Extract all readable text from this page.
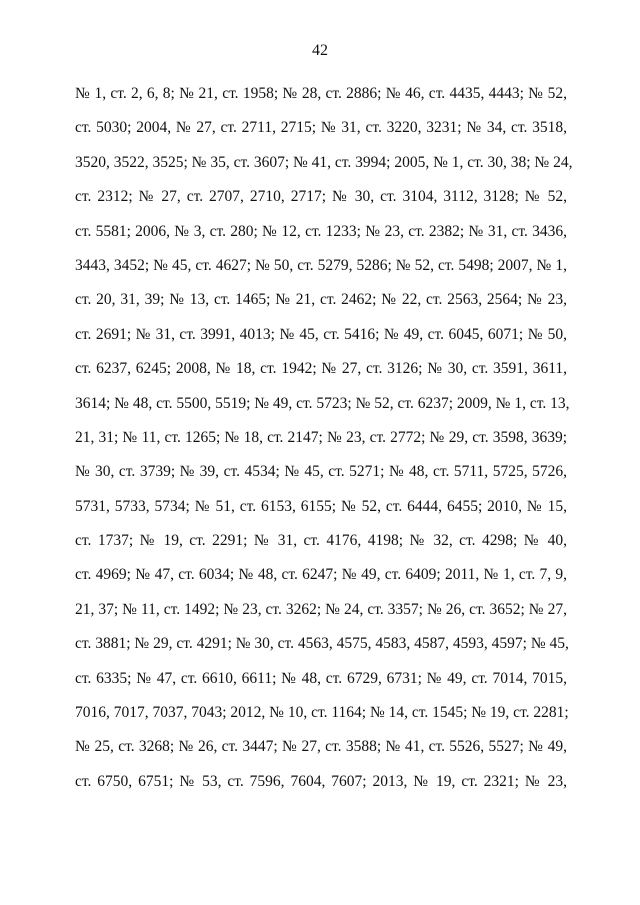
42
№ 1, ст. 2, 6, 8; № 21, ст. 1958; № 28, ст. 2886; № 46, ст. 4435, 4443; № 52,
ст. 5030; 2004, № 27, ст. 2711, 2715; № 31, ст. 3220, 3231; № 34, ст. 3518,
3520, 3522, 3525; № 35, ст. 3607; № 41, ст. 3994; 2005, № 1, ст. 30, 38; № 24,
ст. 2312; № 27, ст. 2707, 2710, 2717; № 30, ст. 3104, 3112, 3128; № 52,
ст. 5581; 2006, № 3, ст. 280; № 12, ст. 1233; № 23, ст. 2382; № 31, ст. 3436,
3443, 3452; № 45, ст. 4627; № 50, ст. 5279, 5286; № 52, ст. 5498; 2007, № 1,
ст. 20, 31, 39; № 13, ст. 1465; № 21, ст. 2462; № 22, ст. 2563, 2564; № 23,
ст. 2691; № 31, ст. 3991, 4013; № 45, ст. 5416; № 49, ст. 6045, 6071; № 50,
ст. 6237, 6245; 2008, № 18, ст. 1942; № 27, ст. 3126; № 30, ст. 3591, 3611,
3614; № 48, ст. 5500, 5519; № 49, ст. 5723; № 52, ст. 6237; 2009, № 1, ст. 13,
21, 31; № 11, ст. 1265; № 18, ст. 2147; № 23, ст. 2772; № 29, ст. 3598, 3639;
№ 30, ст. 3739; № 39, ст. 4534; № 45, ст. 5271; № 48, ст. 5711, 5725, 5726,
5731, 5733, 5734; № 51, ст. 6153, 6155; № 52, ст. 6444, 6455; 2010, № 15,
ст. 1737; № 19, ст. 2291; № 31, ст. 4176, 4198; № 32, ст. 4298; № 40,
ст. 4969; № 47, ст. 6034; № 48, ст. 6247; № 49, ст. 6409; 2011, № 1, ст. 7, 9,
21, 37; № 11, ст. 1492; № 23, ст. 3262; № 24, ст. 3357; № 26, ст. 3652; № 27,
ст. 3881; № 29, ст. 4291; № 30, ст. 4563, 4575, 4583, 4587, 4593, 4597; № 45,
ст. 6335; № 47, ст. 6610, 6611; № 48, ст. 6729, 6731; № 49, ст. 7014, 7015,
7016, 7017, 7037, 7043; 2012, № 10, ст. 1164; № 14, ст. 1545; № 19, ст. 2281;
№ 25, ст. 3268; № 26, ст. 3447; № 27, ст. 3588; № 41, ст. 5526, 5527; № 49,
ст. 6750, 6751; № 53, ст. 7596, 7604, 7607; 2013, № 19, ст. 2321; № 23,
